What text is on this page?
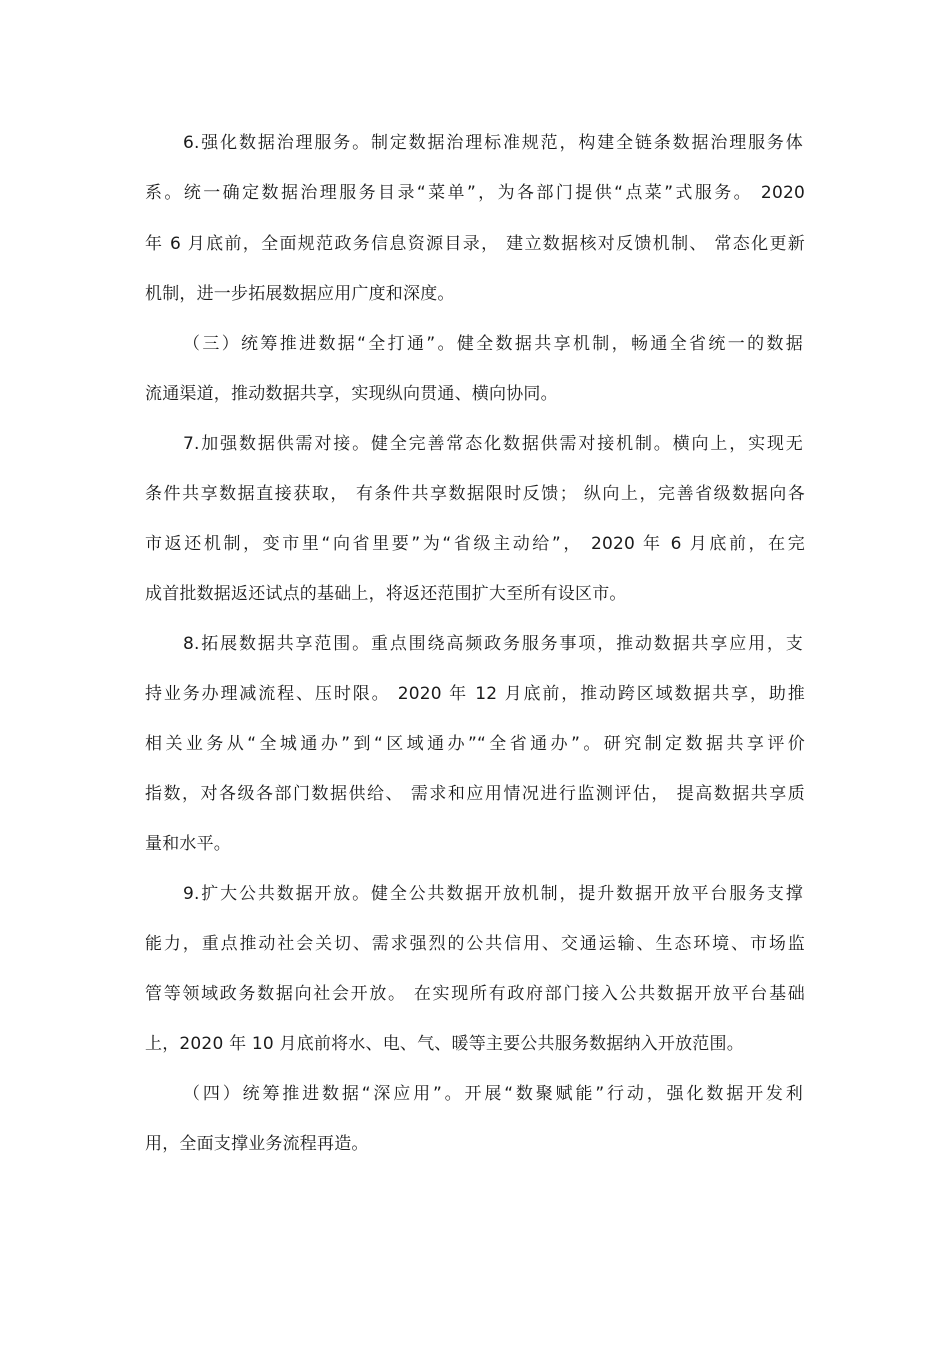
6.强化数据治理服务。制定数据治理标准规范，构建全链条数据治理服务体
系。统一确定数据治理服务目录“菜单”，为各部门提供“点菜”式服务。 2020
年 6 月底前，全面规范政务信息资源目录， 建立数据核对反馈机制、 常态化更新
机制，进一步拓展数据应用广度和深度。
（三）统筹推进数据“全打通”。健全数据共享机制，畅通全省统一的数据
流通渠道，推动数据共享，实现纵向贯通、横向协同。
7.加强数据供需对接。健全完善常态化数据供需对接机制。横向上，实现无
条件共享数据直接获取， 有条件共享数据限时反馈； 纵向上，完善省级数据向各
市返还机制，变市里“向省里要”为“省级主动给”， 2020 年 6 月底前，在完
成首批数据返还试点的基础上，将返还范围扩大至所有设区市。
8.拓展数据共享范围。重点围绕高频政务服务事项，推动数据共享应用，支
持业务办理减流程、压时限。 2020 年 12 月底前，推动跨区域数据共享，助推
相关业务从“全城通办”到“区域通办”“全省通办”。研究制定数据共享评价
指数，对各级各部门数据供给、 需求和应用情况进行监测评估， 提高数据共享质
量和水平。
9.扩大公共数据开放。健全公共数据开放机制，提升数据开放平台服务支撑
能力，重点推动社会关切、需求强烈的公共信用、交通运输、生态环境、市场监
管等领域政务数据向社会开放。 在实现所有政府部门接入公共数据开放平台基础
上，2020 年 10 月底前将水、电、气、暖等主要公共服务数据纳入开放范围。
（四）统筹推进数据“深应用”。开展“数聚赋能”行动，强化数据开发利
用，全面支撑业务流程再造。
